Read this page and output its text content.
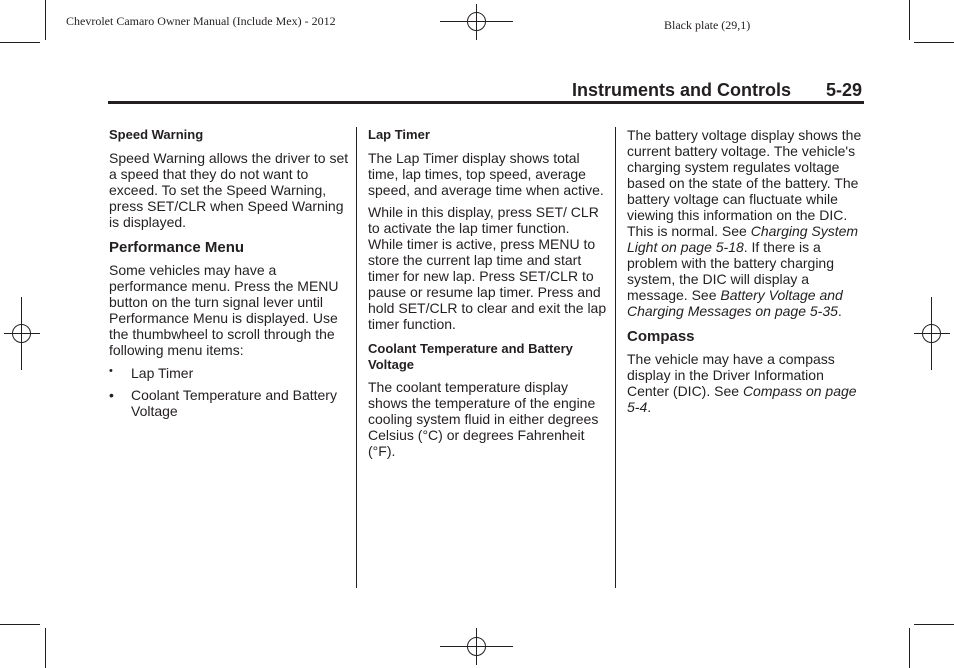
Chevrolet Camaro Owner Manual (Include Mex) - 2012	Black plate (29,1)
Instruments and Controls 5-29

Speed Warning

Speed Warning allows the driver to set a speed that they do not want to exceed. To set the Speed Warning, press SET/CLR when Speed Warning is displayed.

Performance Menu

Some vehicles may have a performance menu. Press the MENU button on the turn signal lever until Performance Menu is displayed. Use the thumbwheel to scroll through the following menu items:

• Lap Timer
• Coolant Temperature and Battery Voltage

Lap Timer

The Lap Timer display shows total time, lap times, top speed, average speed, and average time when active.

While in this display, press SET/ CLR to activate the lap timer function. While timer is active, press MENU to store the current lap time and start timer for new lap. Press SET/CLR to pause or resume lap timer. Press and hold SET/CLR to clear and exit the lap timer function.

Coolant Temperature and Battery Voltage

The coolant temperature display shows the temperature of the engine cooling system fluid in either degrees Celsius (°C) or degrees Fahrenheit (°F).

The battery voltage display shows the current battery voltage. The vehicle's charging system regulates voltage based on the state of the battery. The battery voltage can fluctuate while viewing this information on the DIC. This is normal. See Charging System Light on page 5-18. If there is a problem with the battery charging system, the DIC will display a message. See Battery Voltage and Charging Messages on page 5-35.

Compass

The vehicle may have a compass display in the Driver Information Center (DIC). See Compass on page 5-4.
